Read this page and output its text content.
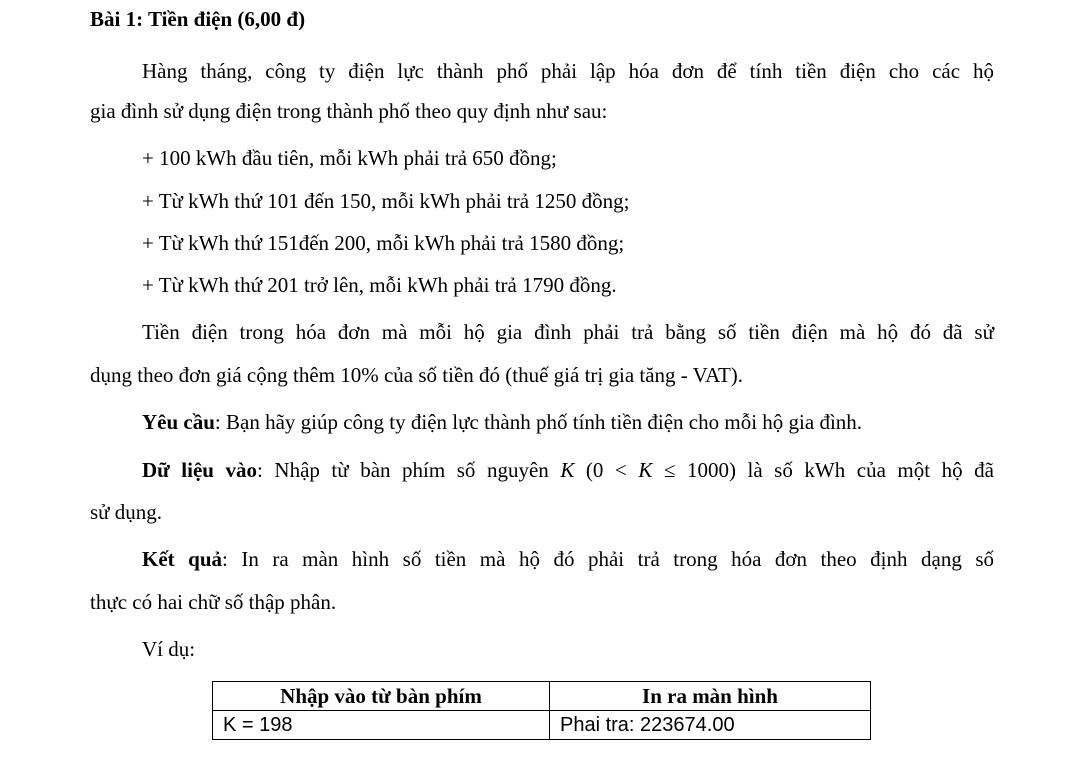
Bài 1: Tiền điện (6,00 đ)
Hàng tháng, công ty điện lực thành phố phải lập hóa đơn để tính tiền điện cho các hộ
gia đình sử dụng điện trong thành phố theo quy định như sau:
+ 100 kWh đầu tiên, mỗi kWh phải trả 650 đồng;
+ Từ kWh thứ 101 đến 150, mỗi kWh phải trả 1250 đồng;
+ Từ kWh thứ 151đến 200, mỗi kWh phải trả 1580 đồng;
+ Từ kWh thứ 201 trở lên, mỗi kWh phải trả 1790 đồng.
Tiền điện trong hóa đơn mà mỗi hộ gia đình phải trả bằng số tiền điện mà hộ đó đã sử
dụng theo đơn giá cộng thêm 10% của số tiền đó (thuế giá trị gia tăng - VAT).
Yêu cầu: Bạn hãy giúp công ty điện lực thành phố tính tiền điện cho mỗi hộ gia đình.
Dữ liệu vào: Nhập từ bàn phím số nguyên K (0 < K ≤ 1000) là số kWh của một hộ đã
sử dụng.
Kết quả: In ra màn hình số tiền mà hộ đó phải trả trong hóa đơn theo định dạng số
thực có hai chữ số thập phân.
Ví dụ:
Nhập vào từ bàn phím	In ra màn hình
K = 198	Phai tra: 223674.00
